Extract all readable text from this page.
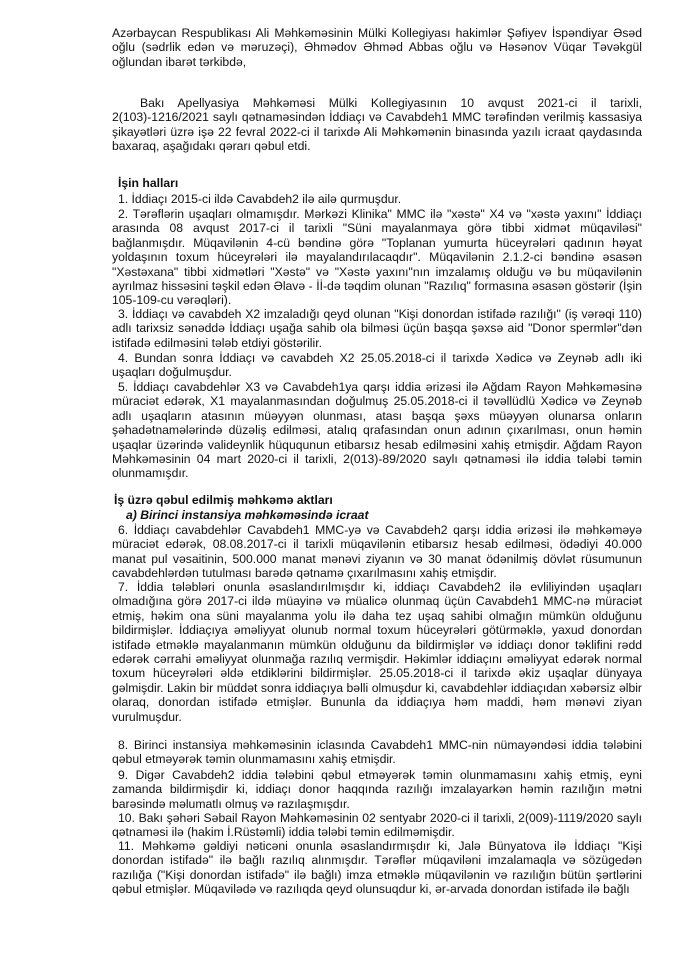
Azərbaycan Respublikası Ali Məhkəməsinin Mülki Kollegiyası hakimlər Şəfiyev İspəndiyar Əsəd oğlu (sədrlik edən və məruzəçi), Əhmədov Əhməd Abbas oğlu və Həsənov Vüqar Təvəkgül oğlundan ibarət tərkibdə,

Bakı Apellyasiya Məhkəməsi Mülki Kollegiyasının 10 avqust 2021-ci il tarixli, 2(103)-1216/2021 saylı qətnaməsindən İddiaçı və Cavabdeh1 MMC tərəfindən verilmiş kassasiya şikayətləri üzrə işə 22 fevral 2022-ci il tarixdə Ali Məhkəmənin binasında yazılı icraat qaydasında baxaraq, aşağıdakı qərarı qəbul etdi.

İşin halları

1. İddiaçı 2015-ci ildə Cavabdeh2 ilə ailə qurmuşdur.

2. Tərəflərin uşaqları olmamışdır. Mərkəzi Klinika" MMC ilə "xəstə" X4 və "xəstə yaxını" İddiaçı arasında 08 avqust 2017-ci il tarixli "Süni mayalanmaya görə tibbi xidmət müqaviləsi" bağlanmışdır. Müqavilənin 4-cü bəndinə görə "Toplanan yumurta hüceyrələri qadının həyat yoldaşının toxum hüceyrələri ilə mayalandırılacaqdır". Müqavilənin 2.1.2-ci bəndinə əsasən "Xəstəxana" tibbi xidmətləri "Xəstə" və "Xəstə yaxını"nın imzalamış olduğu və bu müqavilənin ayrılmaz hissəsini təşkil edən Əlavə - İİ-də təqdim olunan "Razılıq" formasına əsasən göstərir (İşin 105-109-cu vərəqləri).

3. İddiaçı və cavabdeh X2 imzaladığı qeyd olunan "Kişi donordan istifadə razılığı" (iş vərəqi 110) adlı tarixsiz sənəddə İddiaçı uşağa sahib ola bilməsi üçün başqa şəxsə aid "Donor spermlər"dən istifadə edilməsini tələb etdiyi göstərilir.

4. Bundan sonra İddiaçı və cavabdeh X2 25.05.2018-ci il tarixdə Xədicə və Zeynəb adlı iki uşaqları doğulmuşdur.

5. İddiaçı cavabdehlər X3 və Cavabdeh1ya qarşı iddia ərizəsi ilə Ağdam Rayon Məhkəməsinə müraciət edərək, X1 mayalanmasından doğulmuş 25.05.2018-ci il təvəllüdlü Xədicə və Zeynəb adlı uşaqların atasının müəyyən olunması, atası başqa şəxs müəyyən olunarsa onların şəhadətnamələrində düzəliş edilməsi, atalıq qrafasından onun adının çıxarılması, onun həmin uşaqlar üzərində valideynlik hüququnun etibarsız hesab edilməsini xahiş etmişdir. Ağdam Rayon Məhkəməsinin 04 mart 2020-ci il tarixli, 2(013)-89/2020 saylı qətnaməsi ilə iddia tələbi təmin olunmamışdır.

İş üzrə qəbul edilmiş məhkəmə aktları

a) Birinci instansiya məhkəməsində icraat

6. İddiaçı cavabdehlər Cavabdeh1 MMC-yə və Cavabdeh2 qarşı iddia ərizəsi ilə məhkəməyə müraciət edərək, 08.08.2017-ci il tarixli müqavilənin etibarsız hesab edilməsi, ödədiyi 40.000 manat pul vəsaitinin, 500.000 manat mənəvi ziyanın və 30 manat ödənilmiş dövlət rüsumunun cavabdehlərdən tutulması barədə qətnamə çıxarılmasını xahiş etmişdir.

7. İddia tələbləri onunla əsaslandırılmışdır ki, iddiaçı Cavabdeh2 ilə evliliyindən uşaqları olmadığına görə 2017-ci ildə müayinə və müalicə olunmaq üçün Cavabdeh1 MMC-nə müraciət etmiş, həkim ona süni mayalanma yolu ilə daha tez uşaq sahibi olmağın mümkün olduğunu bildirmişlər. İddiaçıya əməliyyat olunub normal toxum hüceyrələri götürməklə, yaxud donordan istifadə etməklə mayalanmanın mümkün olduğunu da bildirmişlər və iddiaçı donor təklifini rədd edərək cərrahi əməliyyat olunmağa razılıq vermişdir. Həkimlər iddiaçını əməliyyat edərək normal toxum hüceyrələri əldə etdiklərini bildirmişlər. 25.05.2018-ci il tarixdə əkiz uşaqlar dünyaya gəlmişdir. Lakin bir müddət sonra iddiaçıya bəlli olmuşdur ki, cavabdehlər iddiaçıdan xəbərsiz əlbir olaraq, donordan istifadə etmişlər. Bununla da iddiaçıya həm maddi, həm mənəvi ziyan vurulmuşdur.

8. Birinci instansiya məhkəməsinin iclasında Cavabdeh1 MMC-nin nümayəndəsi iddia tələbini qəbul etməyərək təmin olunmamasını xahiş etmişdir.

9. Digər Cavabdeh2 iddia tələbini qəbul etməyərək təmin olunmamasını xahiş etmiş, eyni zamanda bildirmişdir ki, iddiaçı donor haqqında razılığı imzalayarkən həmin razılığın mətni barəsində məlumatlı olmuş və razılaşmışdır.

10. Bakı şəhəri Səbail Rayon Məhkəməsinin 02 sentyabr 2020-ci il tarixli, 2(009)-1119/2020 saylı qətnaməsi ilə (hakim İ.Rüstəmli) iddia tələbi təmin edilməmişdir.

11. Məhkəmə gəldiyi nəticəni onunla əsaslandırmışdır ki, Jalə Bünyatova ilə İddiaçı "Kişi donordan istifadə" ilə bağlı razılıq alınmışdır. Tərəflər müqaviləni imzalamaqla və sözügedən razılığa ("Kişi donordan istifadə" ilə bağlı) imza etməklə müqavilənin və razılığın bütün şərtlərini qəbul etmişlər. Müqavilədə və razılıqda qeyd olunsuqdur ki, ər-arvada donordan istifadə ilə bağlı
